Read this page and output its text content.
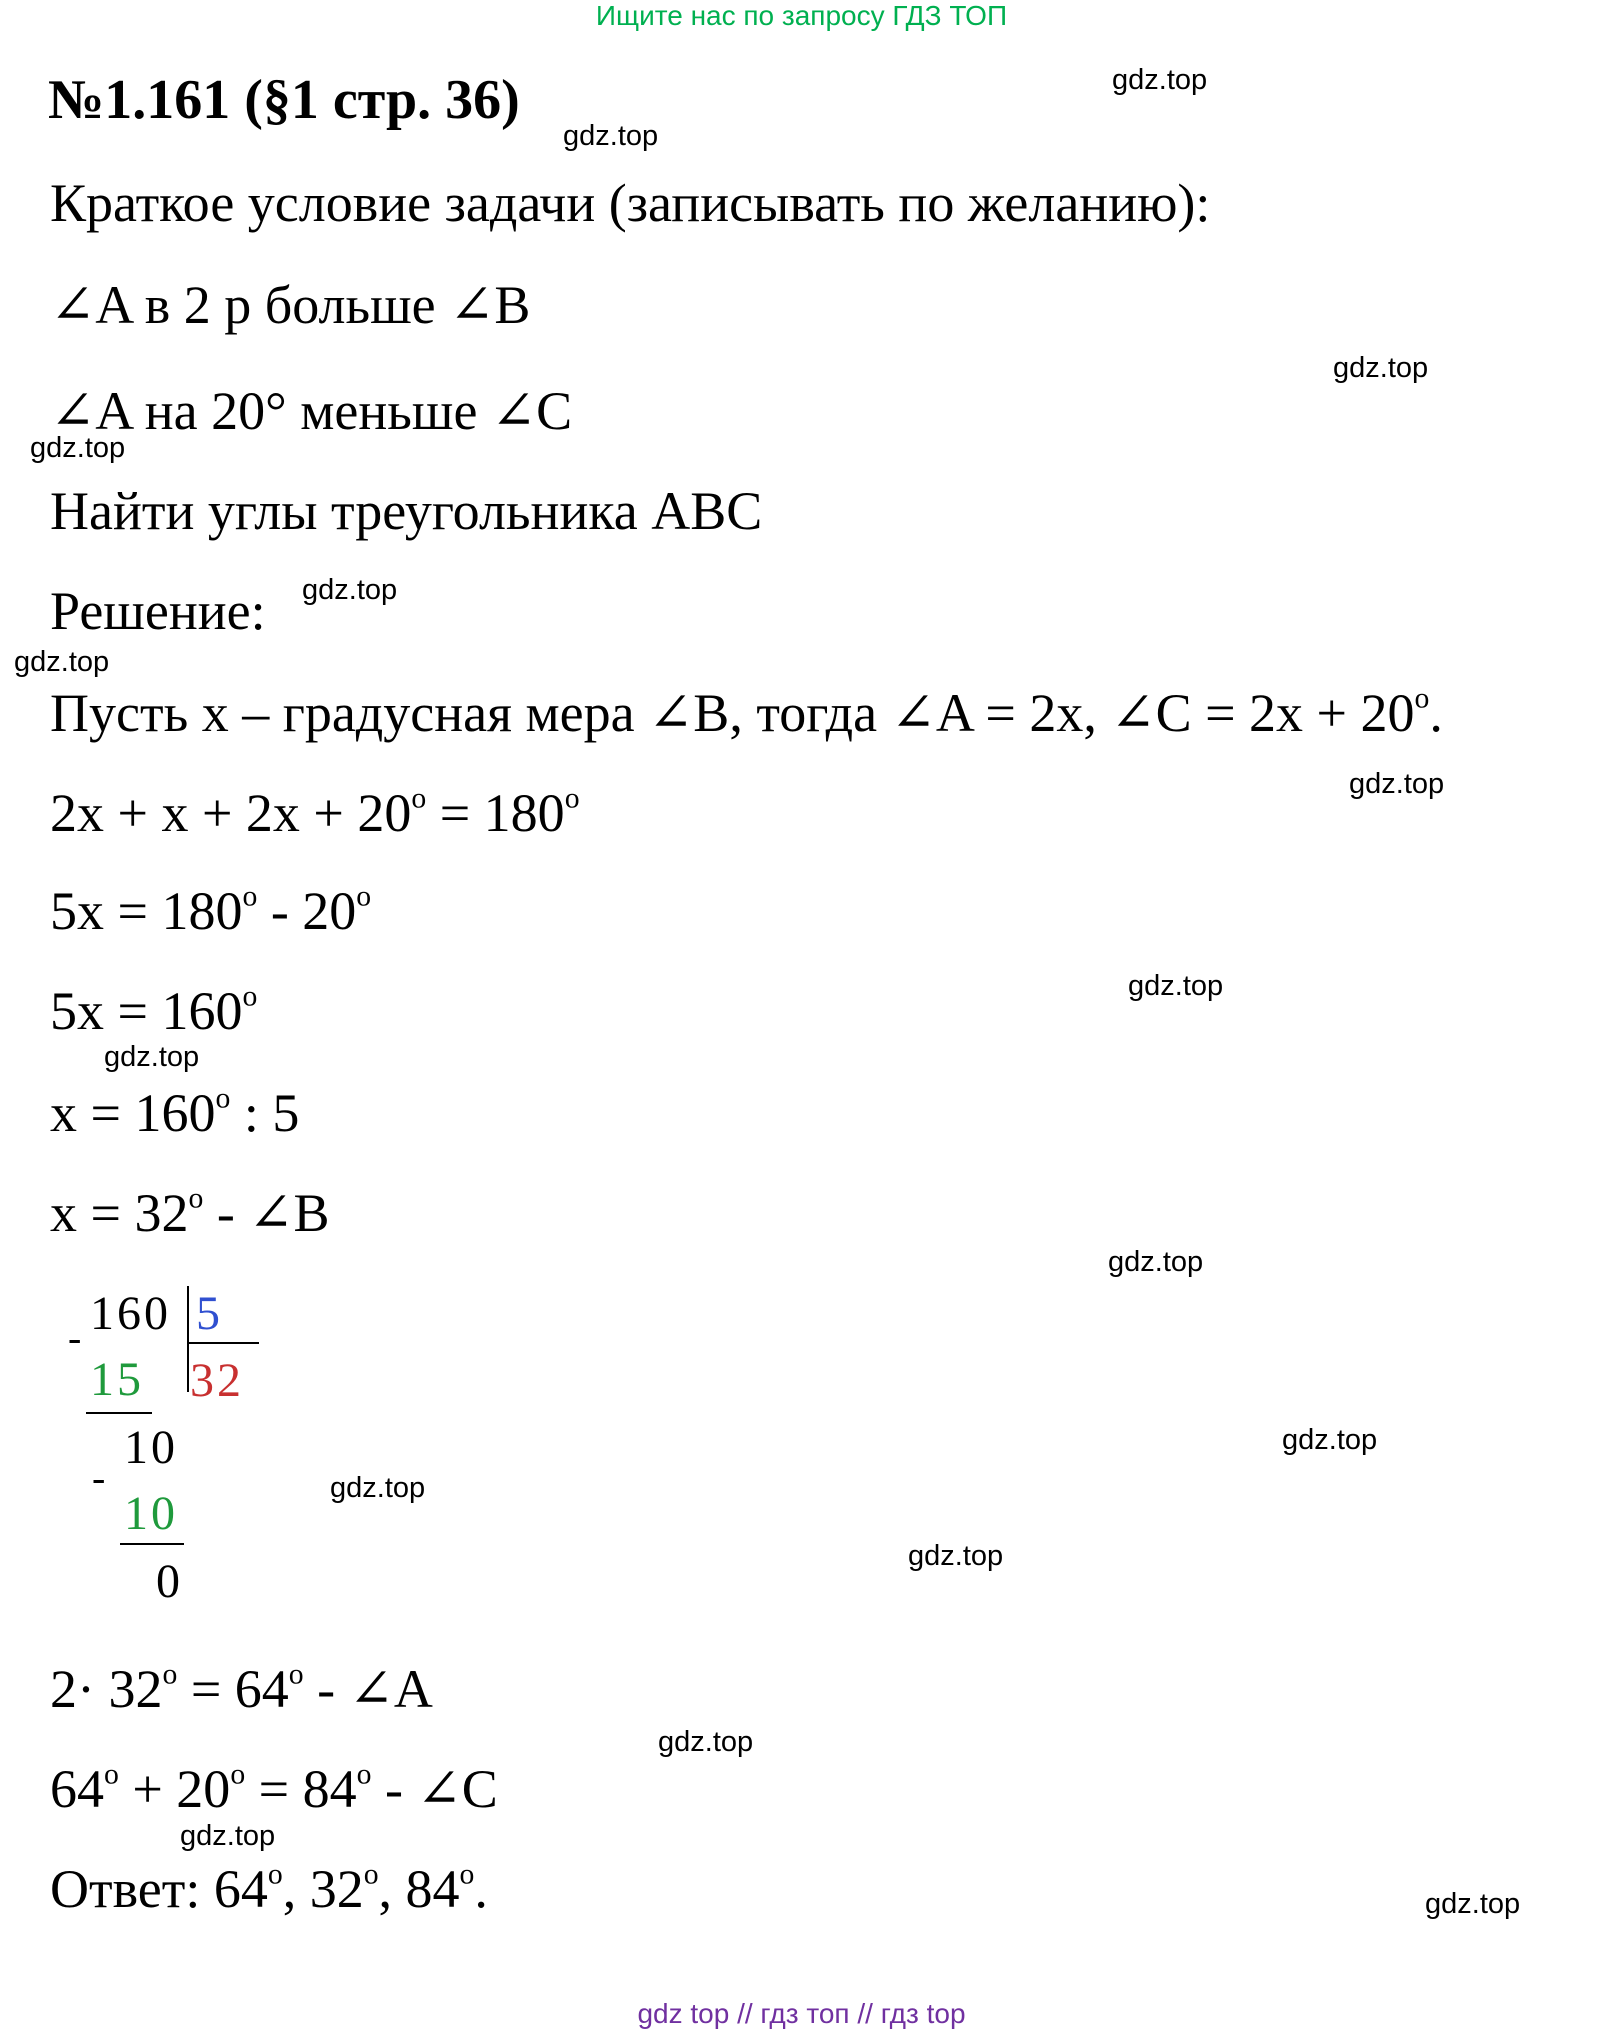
Ищите нас по запросу ГДЗ ТОП
№1.161 (§1 стр. 36)
Краткое условие задачи (записывать по желанию):
∠A в 2 р больше ∠B
∠A на 20° меньше ∠C
Найти углы треугольника ABC
Решение:
Пусть x – градусная мера ∠B, тогда ∠A = 2x, ∠C = $2x + 20^o$.
$2x + x + 2x + 20^o = 180^o$
$5x = 180^o - 20^o$
$5x = 160^o$
$x = 160^o$ : 5
$x = 32^o$ - ∠B
160 5
32
-
15
10
-
10
0
$2\cdot 32^o = 64^o$ - ∠A
$64^o + 20^o = 84^o$ - ∠C
Ответ: 64$^o$, 32$^o$, 84$^o$.
gdz.top
gdz.top
gdz.top
gdz.top
gdz.top
gdz.top
gdz.top
gdz.top
gdz.top
gdz.top
gdz.top
gdz.top
gdz.top
gdz.top
gdz.top
gdz.top
gdz top // гдз топ // гдз top
